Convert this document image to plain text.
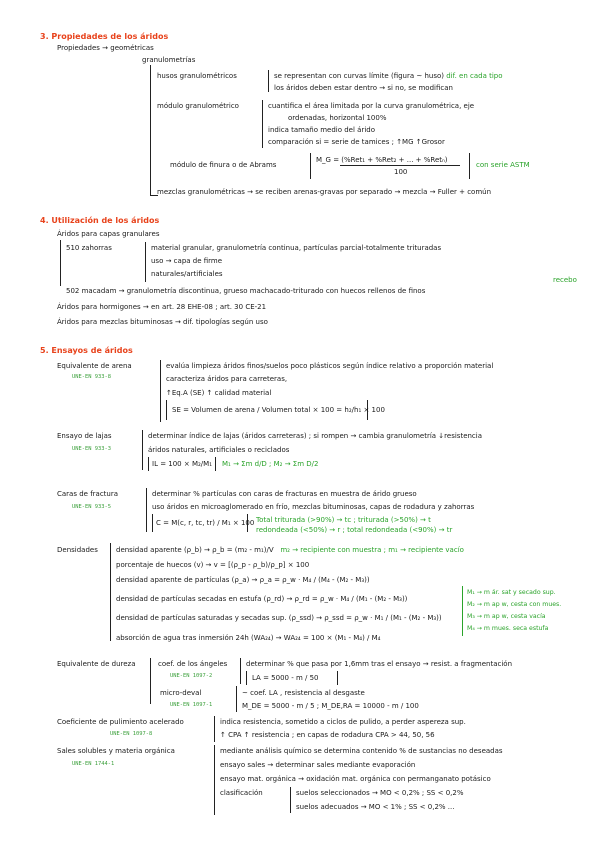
3. Propiedades de los áridos
Propiedades → geométricas
granulometrías
husos granulométricos	se representan con curvas límite (figura ~ huso) dif. en cada tipo
los áridos deben estar dentro → si no, se modifican
módulo granulométrico	cuantifica el área limitada por la curva granulométrica, eje
ordenadas, horizontal 100%
indica tamaño medio del árido
comparación si = serie de tamices ; ↑MG ↑Grosor
módulo de finura o de Abrams
M_G = (%Ret₁ + %Ret₂ + ... + %Retₙ)
100
con serie ASTM
mezclas granulométricas → se reciben arenas-gravas por separado → mezcla → Fuller + común
4. Utilización de los áridos
Áridos para capas granulares
510 zahorras	material granular, granulometría continua, partículas parcial-totalmente trituradas
uso → capa de firme
naturales/artificiales
recebo
502 macadam → granulometría discontinua, grueso machacado-triturado con huecos rellenos de finos
Áridos para hormigones → en art. 28 EHE-08 ; art. 30 CE-21
Áridos para mezclas bituminosas → dif. tipologías según uso
5. Ensayos de áridos
Equivalente de arena
UNE-EN 933-8
evalúa limpieza áridos finos/suelos poco plásticos según índice relativo a proporción material
caracteriza áridos para carreteras,
↑Eq.A (SE) ↑ calidad material
SE = Volumen de arena / Volumen total × 100 = h₂/h₁ × 100
Ensayo de lajas
UNE-EN 933-3
determinar índice de lajas (áridos carreteras) ; si rompen → cambia granulometría ↓resistencia
áridos naturales, artificiales o reciclados
IL = 100 × M₂/M₁ M₁ → Σm d/D ; M₂ → Σm D/2
Caras de fractura
UNE-EN 933-5
determinar % partículas con caras de fracturas en muestra de árido grueso
uso áridos en microaglomerado en frío, mezclas bituminosas, capas de rodadura y zahorras
C = M(c, r, tc, tr) / M₁ × 100 Total triturada (>90%) → tc ; triturada (>50%) → t
redondeada (<50%) → r ; total redondeada (<90%) → tr
Densidades	densidad aparente (ρ_b) → ρ_b = (m₂ - m₁)/V m₂ → recipiente con muestra ; m₁ → recipiente vacío
porcentaje de huecos (v) → v = [(ρ_p - ρ_b)/ρ_p] × 100
densidad aparente de partículas (ρ_a) → ρ_a = ρ_w · M₄ / (M₄ - (M₂ - M₃))
densidad de partículas secadas en estufa (ρ_rd) → ρ_rd = ρ_w · M₄ / (M₁ - (M₂ - M₃))
densidad de partículas saturadas y secadas sup. (ρ_ssd) → ρ_ssd = ρ_w · M₁ / (M₁ - (M₂ - M₃))
absorción de agua tras inmersión 24h (WA₂₄) → WA₂₄ = 100 × (M₁ - M₄) / M₄
M₁ → m ár. sat y secado sup.
M₂ → m ap w, cesta con mues.
M₃ → m ap w, cesta vacía
M₄ → m mues. seca estufa
Equivalente de dureza	coef. de los ángeles
UNE-EN 1097-2
determinar % que pasa por 1,6mm tras el ensayo → resist. a fragmentación
LA = 5000 - m / 50
micro-deval
UNE-EN 1097-1
~ coef. LA , resistencia al desgaste
M_DE = 5000 - m / 5 ; M_DE,RA = 10000 - m / 100
Coeficiente de pulimiento acelerado
UNE-EN 1097-8
indica resistencia, sometido a ciclos de pulido, a perder aspereza sup.
↑ CPA ↑ resistencia ; en capas de rodadura CPA > 44, 50, 56
Sales solubles y materia orgánica
UNE-EN 1744-1
mediante análisis químico se determina contenido % de sustancias no deseadas
ensayo sales → determinar sales mediante evaporación
ensayo mat. orgánica → oxidación mat. orgánica con permanganato potásico
clasificación	suelos seleccionados → MO < 0,2% ; SS < 0,2%
suelos adecuados → MO < 1% ; SS < 0,2% ...
